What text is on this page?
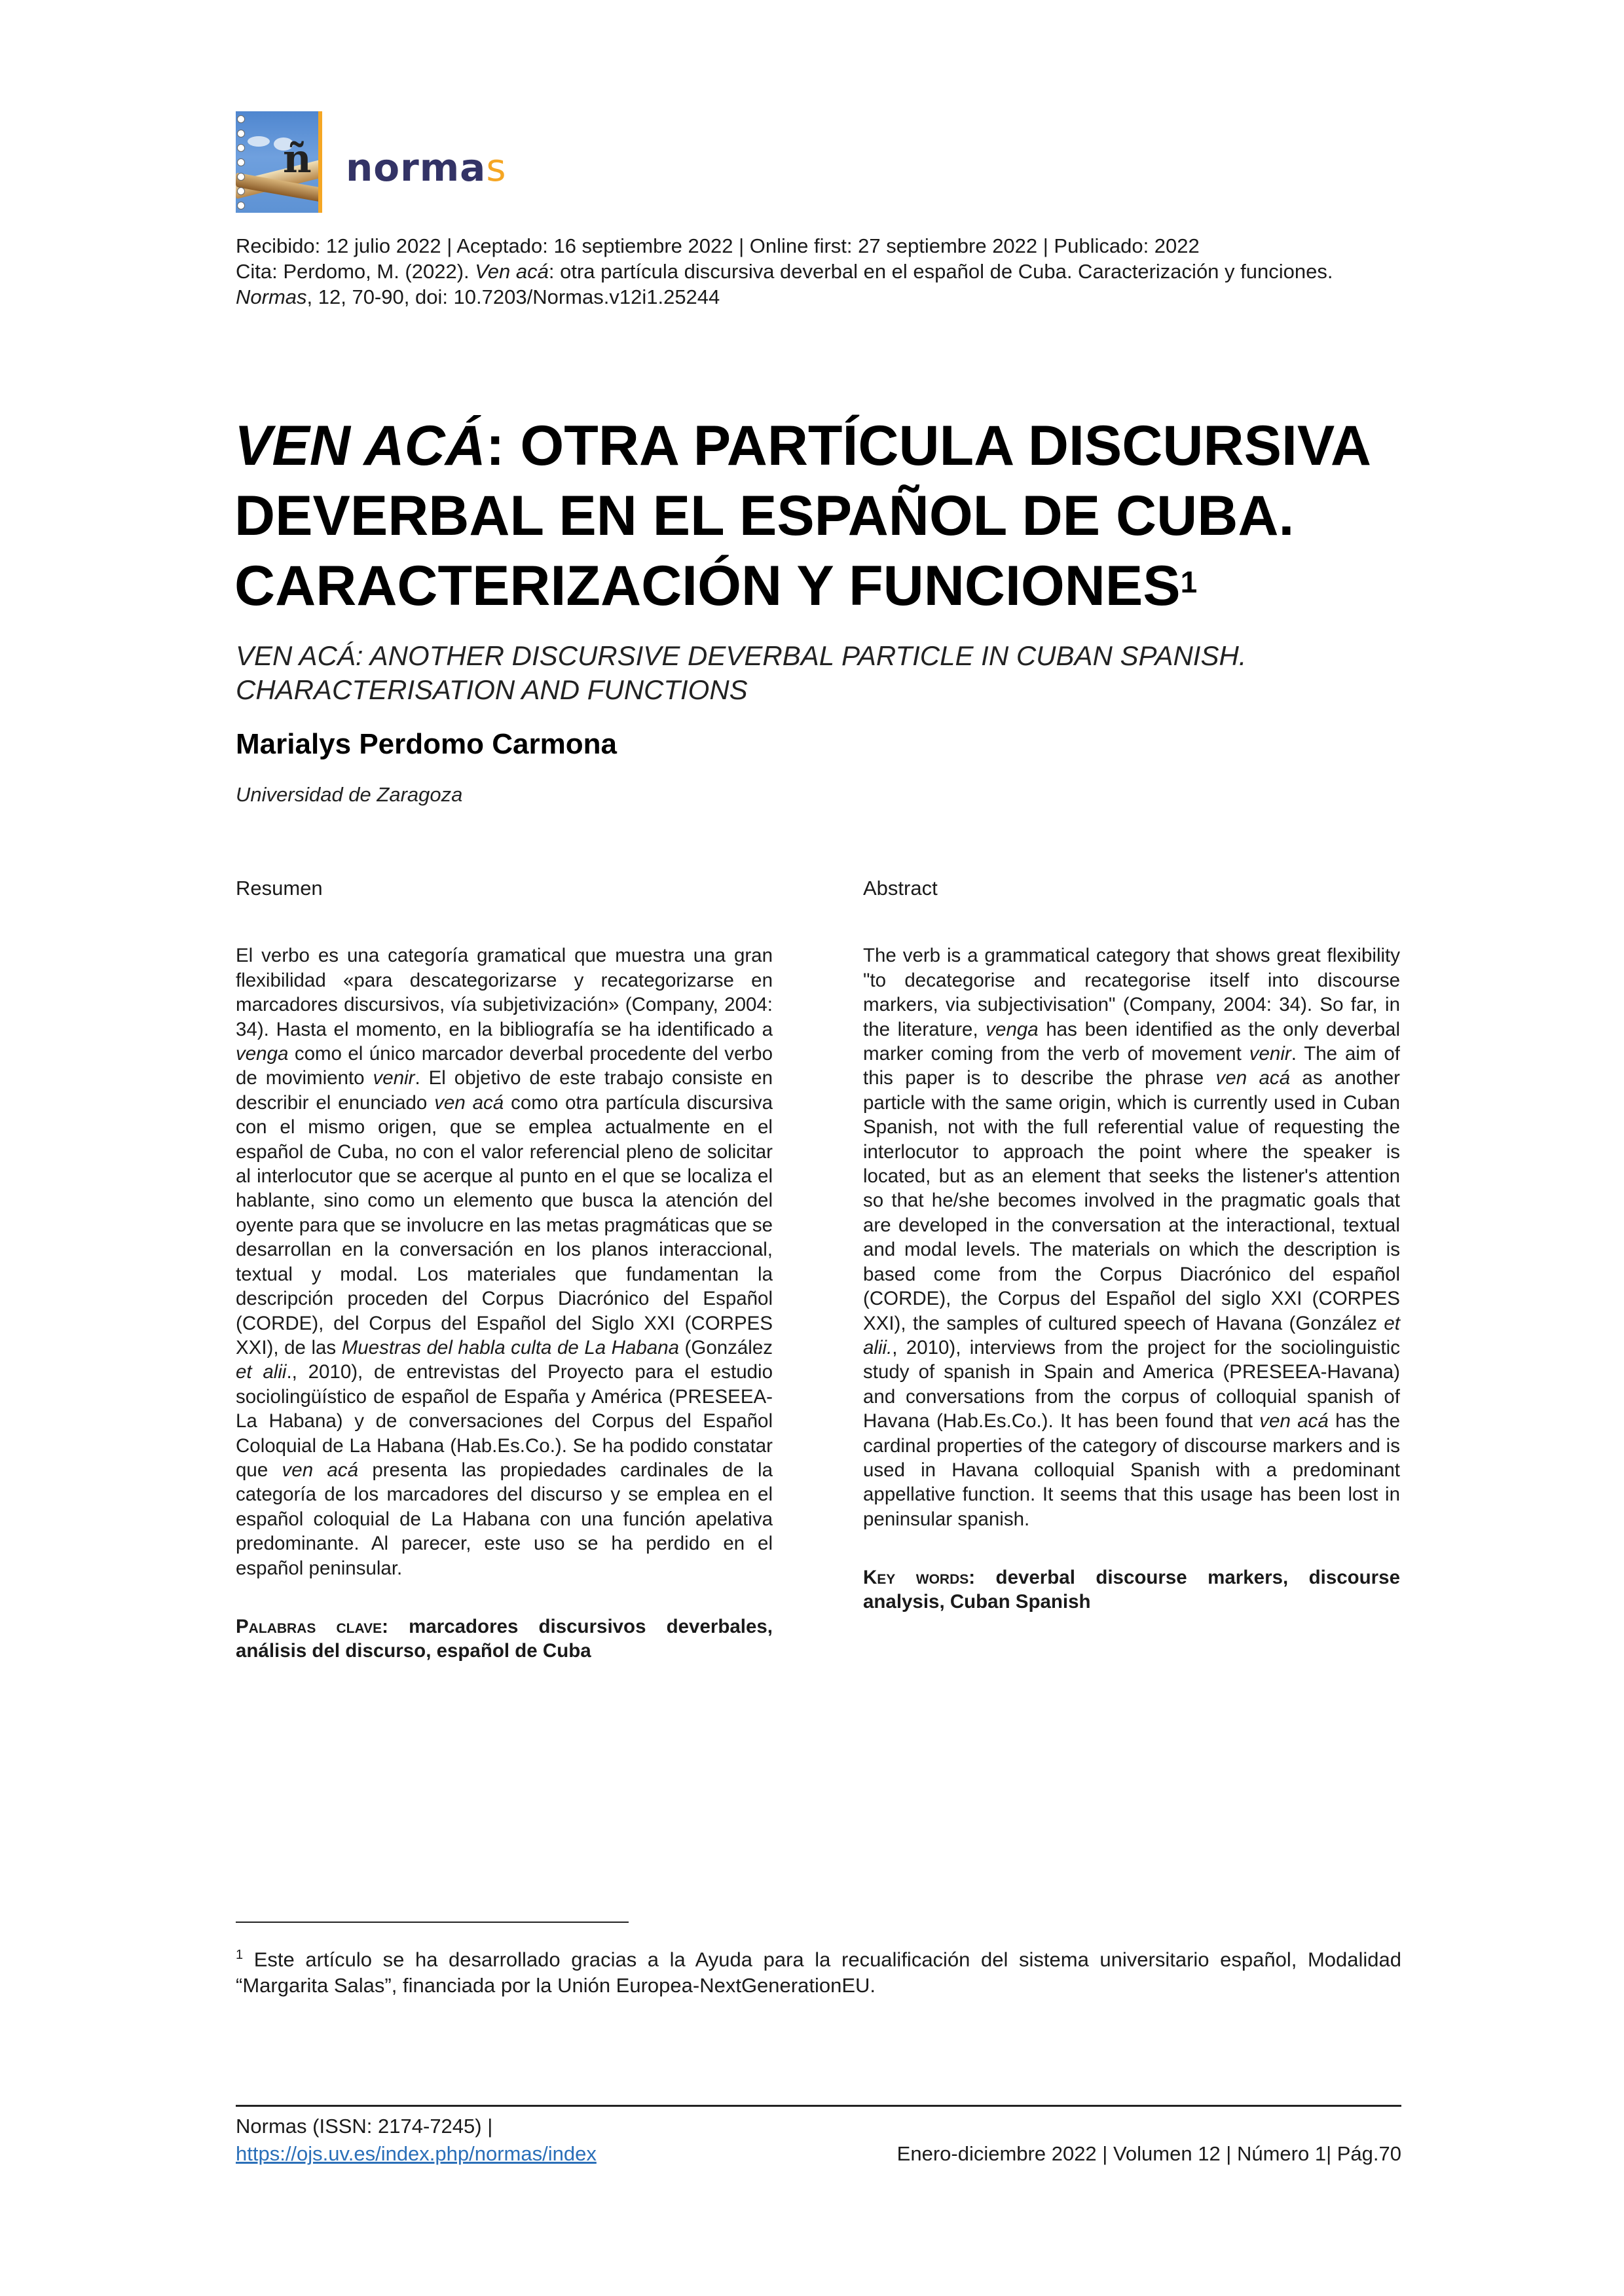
ñ normas
Recibido: 12 julio 2022 | Aceptado: 16 septiembre 2022 | Online first: 27 septiembre 2022 | Publicado: 2022
Cita: Perdomo, M. (2022). Ven acá: otra partícula discursiva deverbal en el español de Cuba. Caracterización y funciones.
Normas, 12, 70-90, doi: 10.7203/Normas.v12i1.25244
VEN ACÁ: OTRA PARTÍCULA DISCURSIVA
DEVERBAL EN EL ESPAÑOL DE CUBA.
CARACTERIZACIÓN Y FUNCIONES$^1$
VEN ACÁ: ANOTHER DISCURSIVE DEVERBAL PARTICLE IN CUBAN SPANISH.
CHARACTERISATION AND FUNCTIONS
Marialys Perdomo Carmona
Universidad de Zaragoza
Resumen

El verbo es una categoría gramatical que muestra una gran flexibilidad «para descategorizarse y recategorizarse en marcadores discursivos, vía subjetivización» (Company, 2004: 34). Hasta el momento, en la bibliografía se ha identificado a venga como el único marcador deverbal procedente del verbo de movimiento venir. El objetivo de este trabajo consiste en describir el enunciado ven acá como otra partícula discursiva con el mismo origen, que se emplea actualmente en el español de Cuba, no con el valor referencial pleno de solicitar al interlocutor que se acerque al punto en el que se localiza el hablante, sino como un elemento que busca la atención del oyente para que se involucre en las metas pragmáticas que se desarrollan en la conversación en los planos interaccional, textual y modal. Los materiales que fundamentan la descripción proceden del Corpus Diacrónico del Español (CORDE), del Corpus del Español del Siglo XXI (CORPES XXI), de las Muestras del habla culta de La Habana (González et alii., 2010), de entrevistas del Proyecto para el estudio sociolingüístico de español de España y América (PRESEEA-La Habana) y de conversaciones del Corpus del Español Coloquial de La Habana (Hab.Es.Co.). Se ha podido constatar que ven acá presenta las propiedades cardinales de la categoría de los marcadores del discurso y se emplea en el español coloquial de La Habana con una función apelativa predominante. Al parecer, este uso se ha perdido en el español peninsular.

Palabras clave: marcadores discursivos deverbales, análisis del discurso, español de Cuba
Abstract

The verb is a grammatical category that shows great flexibility "to decategorise and recategorise itself into discourse markers, via subjectivisation" (Company, 2004: 34). So far, in the literature, venga has been identified as the only deverbal marker coming from the verb of movement venir. The aim of this paper is to describe the phrase ven acá as another particle with the same origin, which is currently used in Cuban Spanish, not with the full referential value of requesting the interlocutor to approach the point where the speaker is located, but as an element that seeks the listener's attention so that he/she becomes involved in the pragmatic goals that are developed in the conversation at the interactional, textual and modal levels. The materials on which the description is based come from the Corpus Diacrónico del español (CORDE), the Corpus del Español del siglo XXI (CORPES XXI), the samples of cultured speech of Havana (González et alii., 2010), interviews from the project for the sociolinguistic study of spanish in Spain and America (PRESEEA-Havana) and conversations from the corpus of colloquial spanish of Havana (Hab.Es.Co.). It has been found that ven acá has the cardinal properties of the category of discourse markers and is used in Havana colloquial Spanish with a predominant appellative function. It seems that this usage has been lost in peninsular spanish.

Key words: deverbal discourse markers, discourse analysis, Cuban Spanish
$^1$ Este artículo se ha desarrollado gracias a la Ayuda para la recualificación del sistema universitario español, Modalidad “Margarita Salas”, financiada por la Unión Europea-NextGenerationEU.
Normas (ISSN: 2174-7245) |
https://ojs.uv.es/index.php/normas/index	Enero-diciembre 2022 | Volumen 12 | Número 1| Pág.70
